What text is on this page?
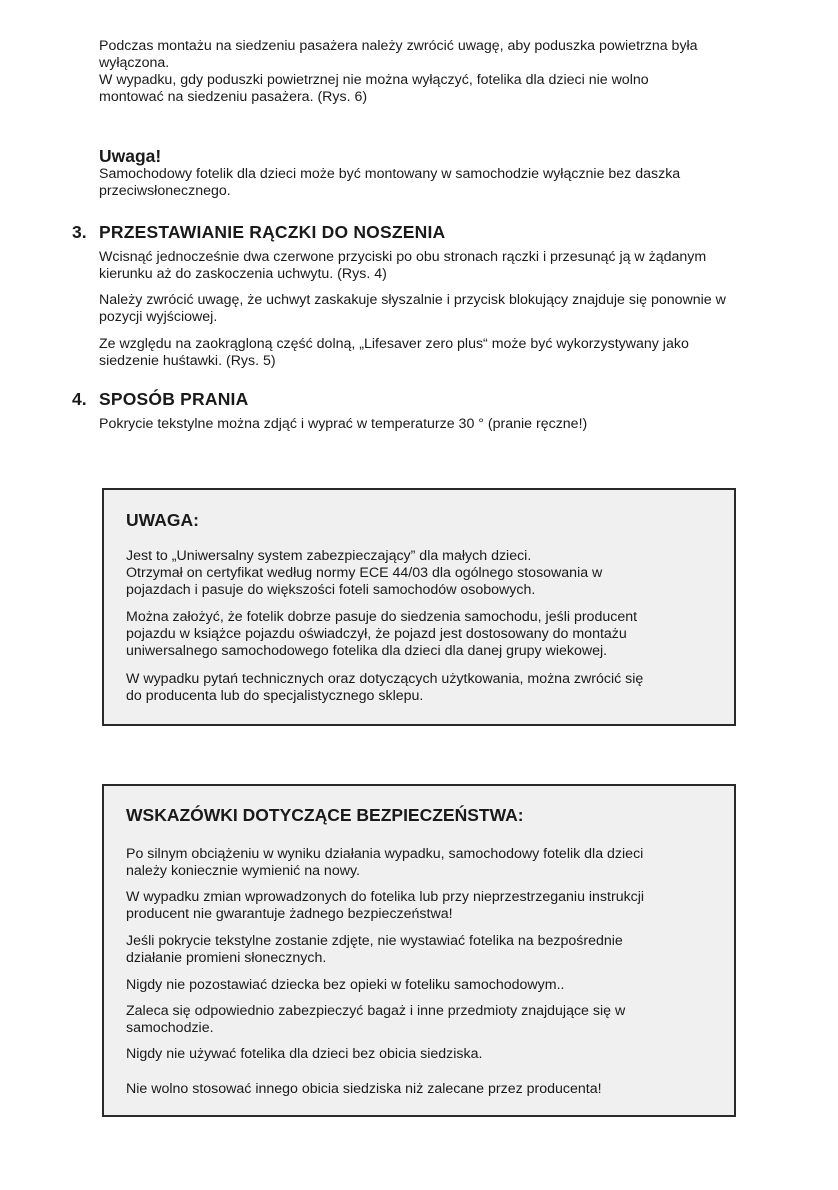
Podczas montażu na siedzeniu pasażera należy zwrócić uwagę, aby poduszka powietrzna była

wyłączona.

W wypadku, gdy poduszki powietrznej nie można wyłączyć, fotelika dla dzieci nie wolno

montować na siedzeniu pasażera. (Rys. 6)

Uwaga!

Samochodowy fotelik dla dzieci może być montowany w samochodzie wyłącznie bez daszka

przeciwsłonecznego.

3. PRZESTAWIANIE RĄCZKI DO NOSZENIA

Wcisnąć jednocześnie dwa czerwone przyciski po obu stronach rączki i przesunąć ją w żądanym

kierunku aż do zaskoczenia uchwytu. (Rys. 4)

Należy zwrócić uwagę, że uchwyt zaskakuje słyszalnie i przycisk blokujący znajduje się ponownie w

pozycji wyjściowej.

Ze względu na zaokrągloną część dolną, „Lifesaver zero plus“ może być wykorzystywany jako

siedzenie huśtawki. (Rys. 5)

4. SPOSÓB PRANIA

Pokrycie tekstylne można zdjąć i wyprać w temperaturze 30 ° (pranie ręczne!)

UWAGA:

Jest to „Uniwersalny system zabezpieczający” dla małych dzieci.

Otrzymał on certyfikat według normy ECE 44/03 dla ogólnego stosowania w

pojazdach i pasuje do większości foteli samochodów osobowych.

Można założyć, że fotelik dobrze pasuje do siedzenia samochodu, jeśli producent

pojazdu w książce pojazdu oświadczył, że pojazd jest dostosowany do montażu

uniwersalnego samochodowego fotelika dla dzieci dla danej grupy wiekowej.

W wypadku pytań technicznych oraz dotyczących użytkowania, można zwrócić się

do producenta lub do specjalistycznego sklepu.

WSKAZÓWKI DOTYCZĄCE BEZPIECZEŃSTWA:

Po silnym obciążeniu w wyniku działania wypadku, samochodowy fotelik dla dzieci

należy koniecznie wymienić na nowy.

W wypadku zmian wprowadzonych do fotelika lub przy nieprzestrzeganiu instrukcji

producent nie gwarantuje żadnego bezpieczeństwa!

Jeśli pokrycie tekstylne zostanie zdjęte, nie wystawiać fotelika na bezpośrednie

działanie promieni słonecznych.

Nigdy nie pozostawiać dziecka bez opieki w foteliku samochodowym..

Zaleca się odpowiednio zabezpieczyć bagaż i inne przedmioty znajdujące się w

samochodzie.

Nigdy nie używać fotelika dla dzieci bez obicia siedziska.

Nie wolno stosować innego obicia siedziska niż zalecane przez producenta!
